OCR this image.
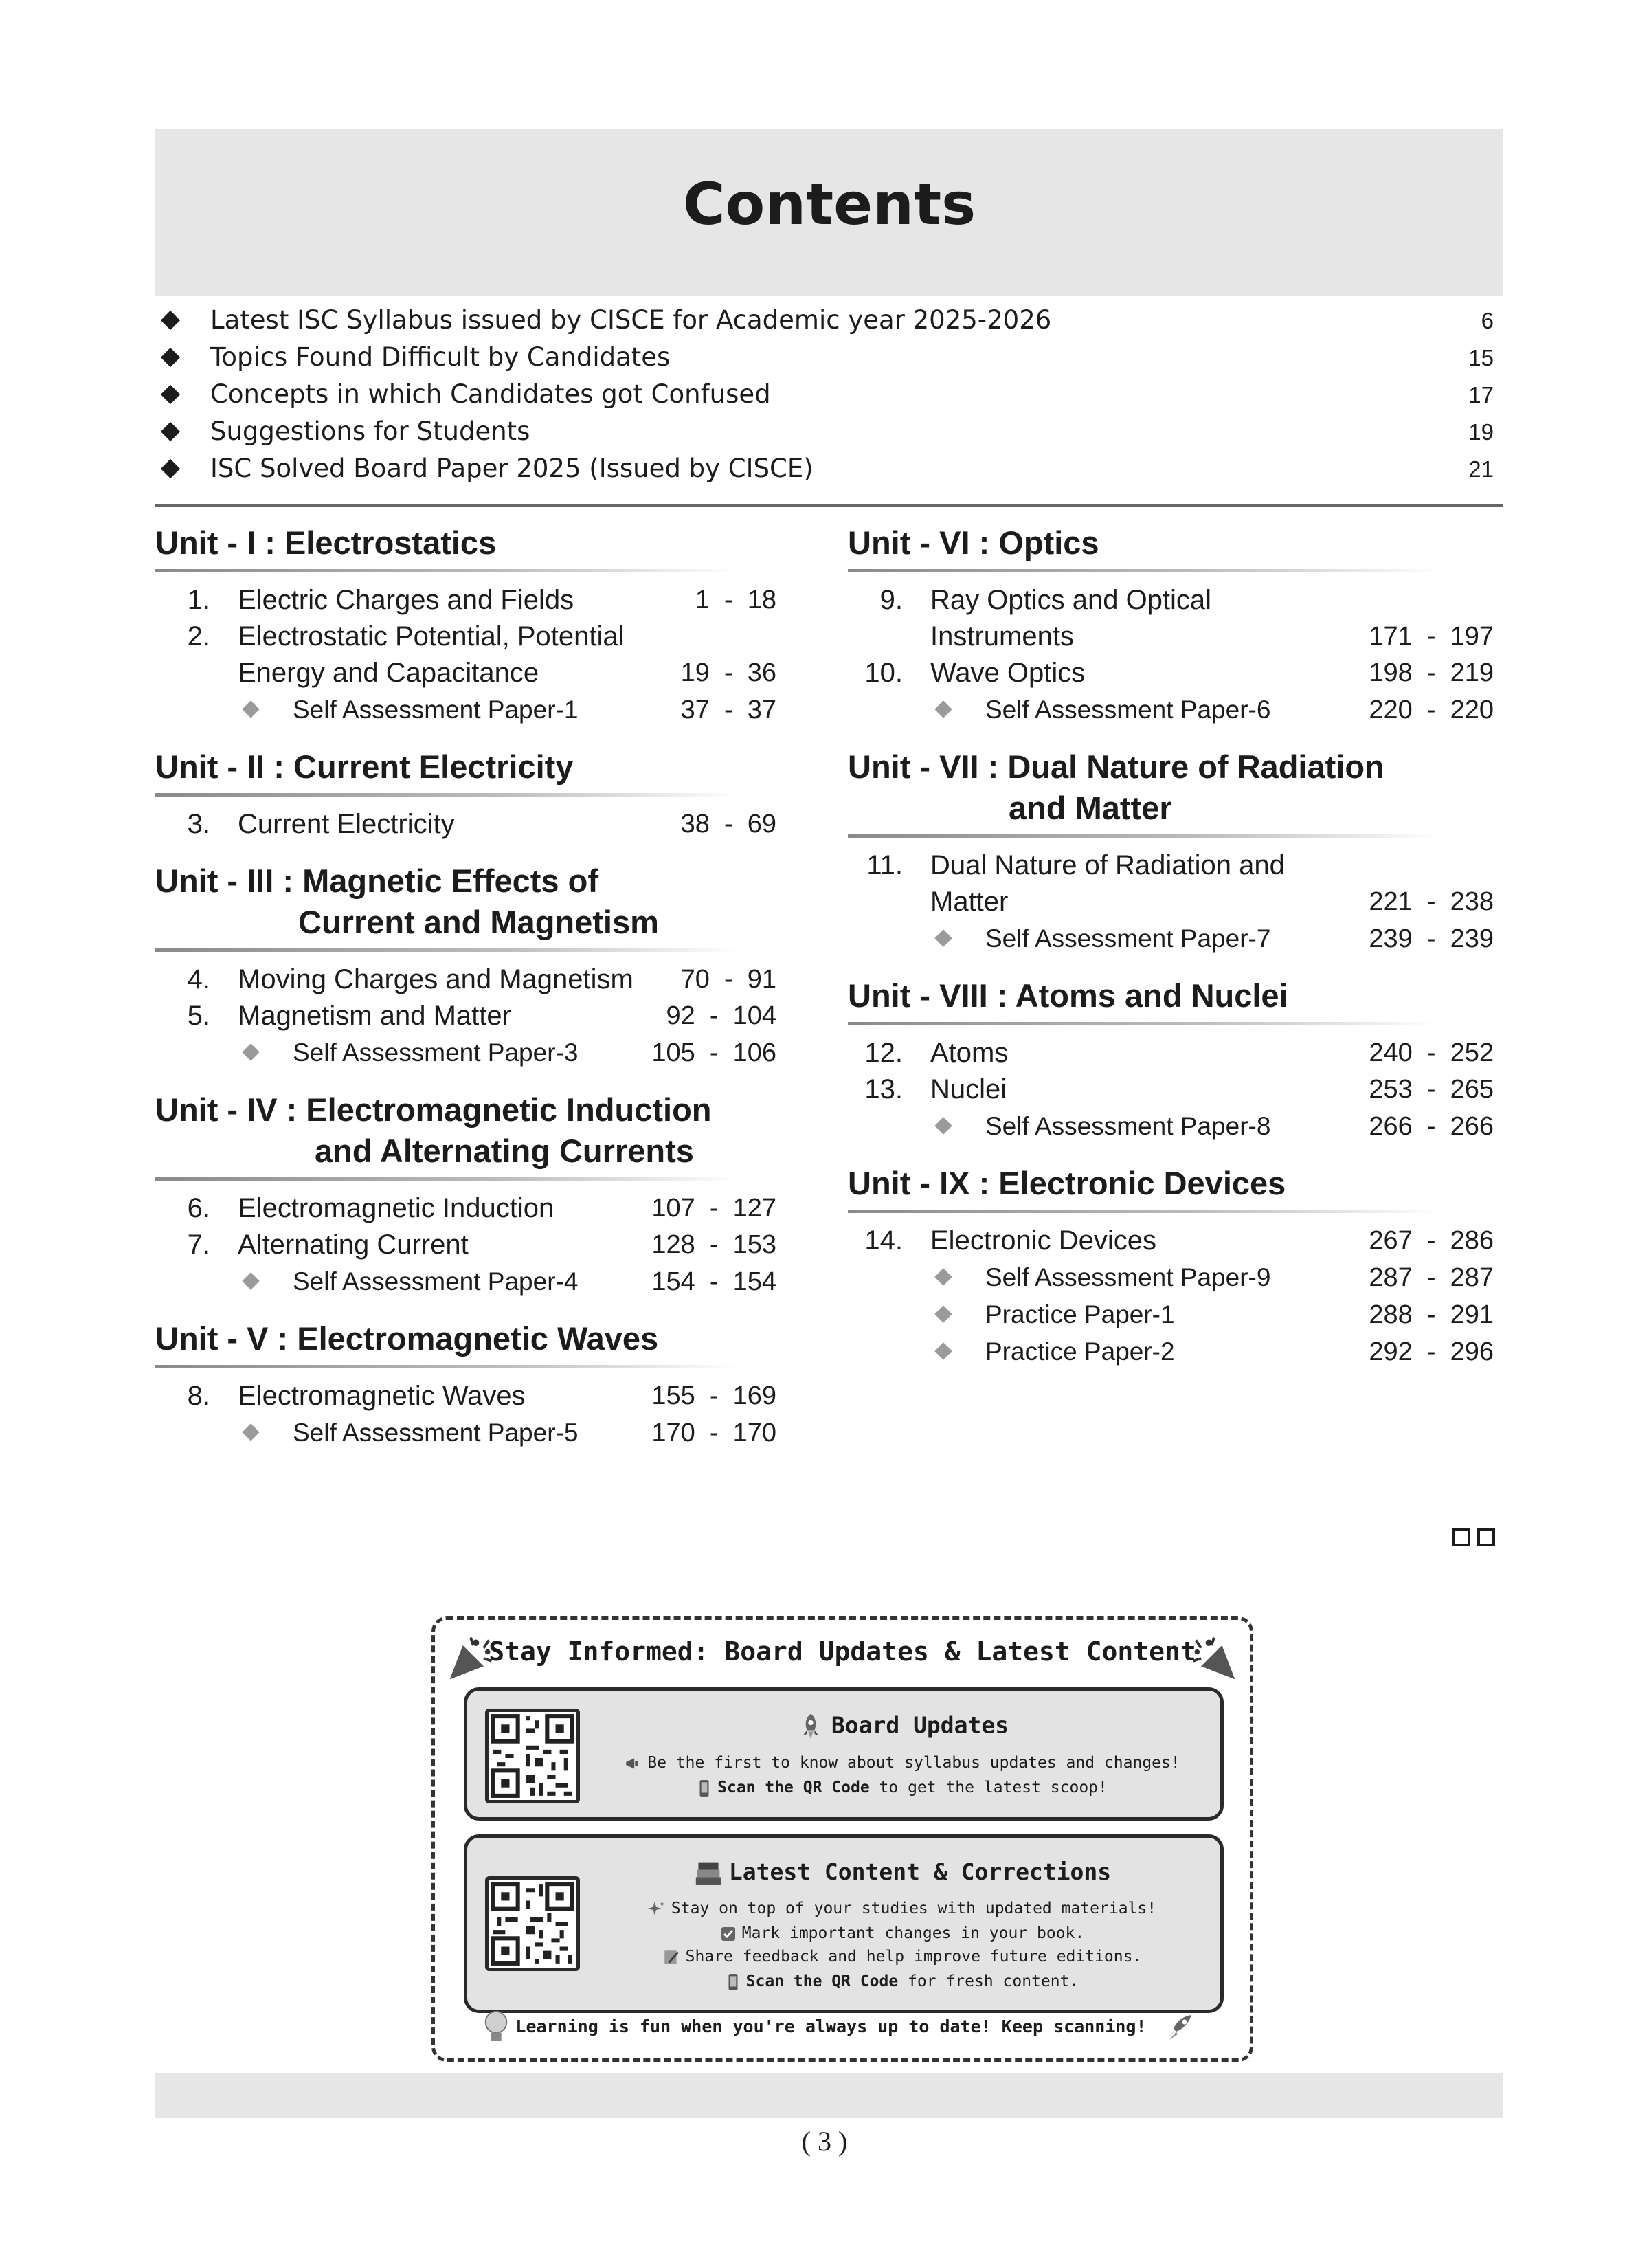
Contents
Latest ISC Syllabus issued by CISCE for Academic year 2025-2026	6
Topics Found Difficult by Candidates	15
Concepts in which Candidates got Confused	17
Suggestions for Students	19
ISC Solved Board Paper 2025 (Issued by CISCE)	21
Unit - I : Electrostatics
1. Electric Charges and Fields	1  -  18
2. Electrostatic Potential, Potential Energy and Capacitance	19  -  36
Self Assessment Paper-1	37  -  37
Unit - II : Current Electricity
3. Current Electricity	38  -  69
Unit - III : Magnetic Effects of
Current and Magnetism
4. Moving Charges and Magnetism	70  -  91
5. Magnetism and Matter	92  -  104
Self Assessment Paper-3	105  -  106
Unit - IV : Electromagnetic Induction
and Alternating Currents
6. Electromagnetic Induction	107  -  127
7. Alternating Current	128  -  153
Self Assessment Paper-4	154  -  154
Unit - V : Electromagnetic Waves
8. Electromagnetic Waves	155  -  169
Self Assessment Paper-5	170  -  170
Unit - VI : Optics
9. Ray Optics and Optical Instruments	171  -  197
10. Wave Optics	198  -  219
Self Assessment Paper-6	220  -  220
Unit - VII : Dual Nature of Radiation
and Matter
11. Dual Nature of Radiation and Matter	221  -  238
Self Assessment Paper-7	239  -  239
Unit - VIII : Atoms and Nuclei
12. Atoms	240  -  252
13. Nuclei	253  -  265
Self Assessment Paper-8	266  -  266
Unit - IX : Electronic Devices
14. Electronic Devices	267  -  286
Self Assessment Paper-9	287  -  287
Practice Paper-1	288  -  291
Practice Paper-2	292  -  296
Stay Informed: Board Updates & Latest Content
Board Updates
Be the first to know about syllabus updates and changes!
Scan the QR Code to get the latest scoop!
Latest Content & Corrections
Stay on top of your studies with updated materials!
Mark important changes in your book.
Share feedback and help improve future editions.
Scan the QR Code for fresh content.
Learning is fun when you're always up to date! Keep scanning!
( 3 )
